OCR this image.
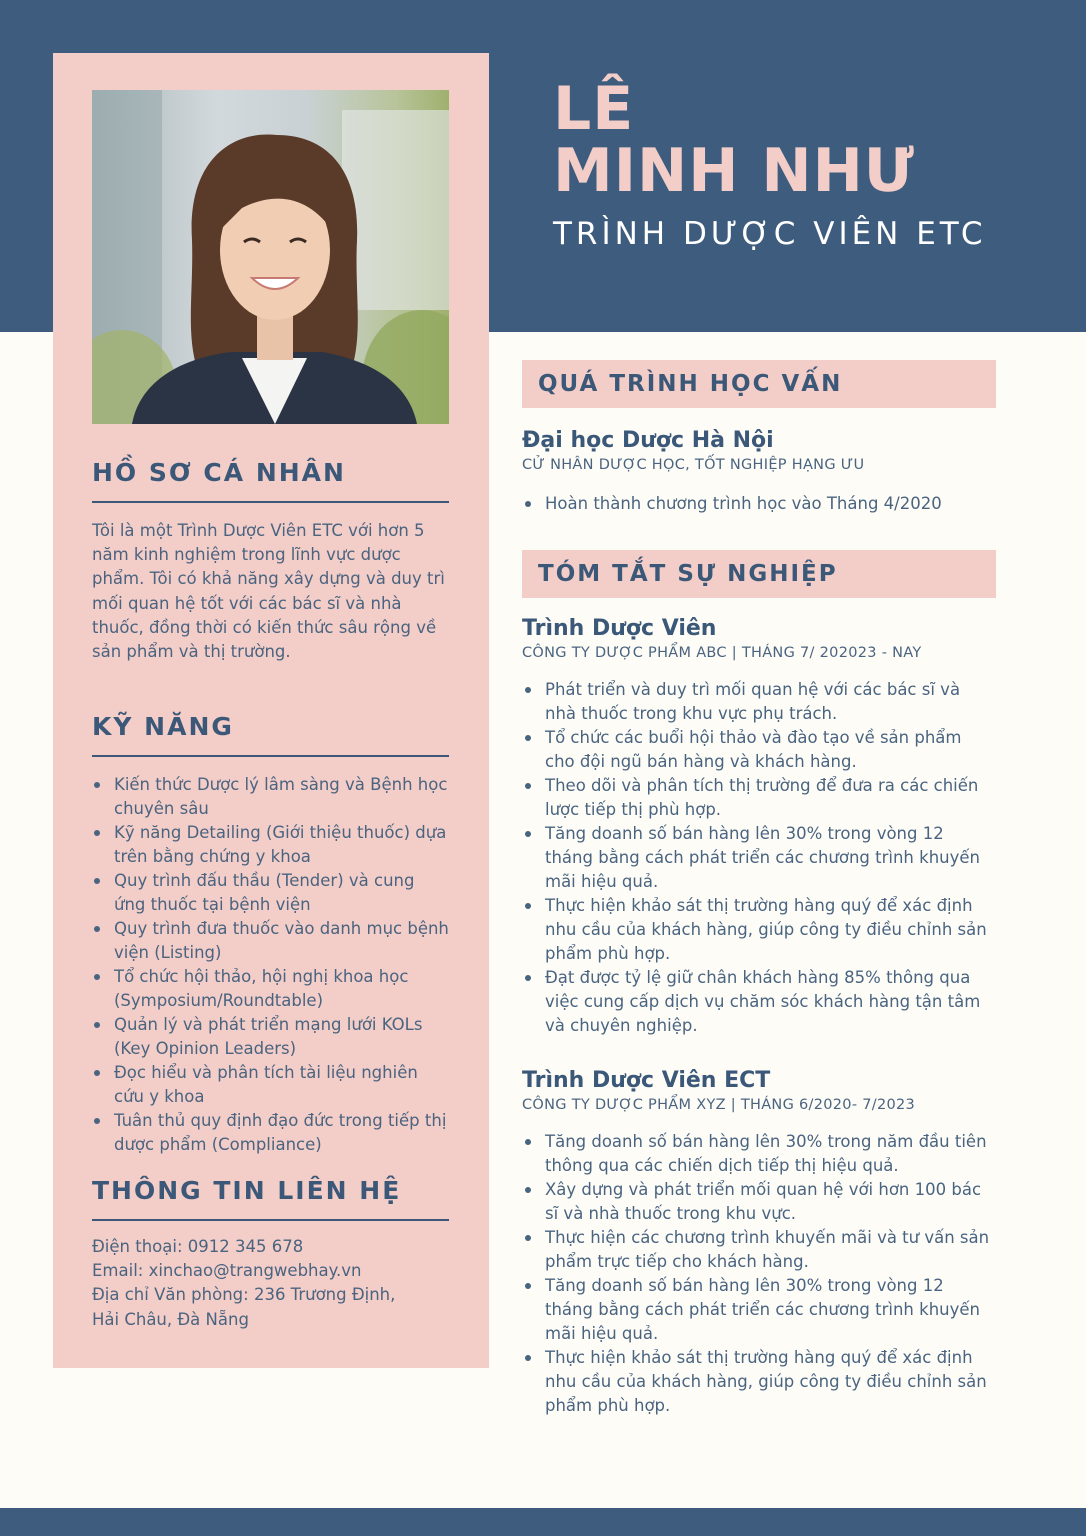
HỒ SƠ CÁ NHÂN
Tôi là một Trình Dược Viên ETC với hơn 5 năm kinh nghiệm trong lĩnh vực dược phẩm. Tôi có khả năng xây dựng và duy trì mối quan hệ tốt với các bác sĩ và nhà thuốc, đồng thời có kiến thức sâu rộng về sản phẩm và thị trường.
KỸ NĂNG
Kiến thức Dược lý lâm sàng và Bệnh học chuyên sâu
Kỹ năng Detailing (Giới thiệu thuốc) dựa trên bằng chứng y khoa
Quy trình đấu thầu (Tender) và cung ứng thuốc tại bệnh viện
Quy trình đưa thuốc vào danh mục bệnh viện (Listing)
Tổ chức hội thảo, hội nghị khoa học (Symposium/Roundtable)
Quản lý và phát triển mạng lưới KOLs (Key Opinion Leaders)
Đọc hiểu và phân tích tài liệu nghiên cứu y khoa
Tuân thủ quy định đạo đức trong tiếp thị dược phẩm (Compliance)
THÔNG TIN LIÊN HỆ
Điện thoại: 0912 345 678
Email: xinchao@trangwebhay.vn
Địa chỉ Văn phòng: 236 Trương Định,
Hải Châu, Đà Nẵng
LÊ
MINH NHƯ
TRÌNH DƯỢC VIÊN ETC
QUÁ TRÌNH HỌC VẤN
Đại học Dược Hà Nội
CỬ NHÂN DƯỢC HỌC, TỐT NGHIỆP HẠNG ƯU
Hoàn thành chương trình học vào Tháng 4/2020
TÓM TẮT SỰ NGHIỆP
Trình Dược Viên
CÔNG TY DƯỢC PHẨM ABC | THÁNG 7/ 202023 - NAY
Phát triển và duy trì mối quan hệ với các bác sĩ và nhà thuốc trong khu vực phụ trách.
Tổ chức các buổi hội thảo và đào tạo về sản phẩm cho đội ngũ bán hàng và khách hàng.
Theo dõi và phân tích thị trường để đưa ra các chiến lược tiếp thị phù hợp.
Tăng doanh số bán hàng lên 30% trong vòng 12 tháng bằng cách phát triển các chương trình khuyến mãi hiệu quả.
Thực hiện khảo sát thị trường hàng quý để xác định nhu cầu của khách hàng, giúp công ty điều chỉnh sản phẩm phù hợp.
Đạt được tỷ lệ giữ chân khách hàng 85% thông qua việc cung cấp dịch vụ chăm sóc khách hàng tận tâm và chuyên nghiệp.
Trình Dược Viên ECT
CÔNG TY DƯỢC PHẨM XYZ | THÁNG 6/2020- 7/2023
Tăng doanh số bán hàng lên 30% trong năm đầu tiên thông qua các chiến dịch tiếp thị hiệu quả.
Xây dựng và phát triển mối quan hệ với hơn 100 bác sĩ và nhà thuốc trong khu vực.
Thực hiện các chương trình khuyến mãi và tư vấn sản phẩm trực tiếp cho khách hàng.
Tăng doanh số bán hàng lên 30% trong vòng 12 tháng bằng cách phát triển các chương trình khuyến mãi hiệu quả.
Thực hiện khảo sát thị trường hàng quý để xác định nhu cầu của khách hàng, giúp công ty điều chỉnh sản phẩm phù hợp.
